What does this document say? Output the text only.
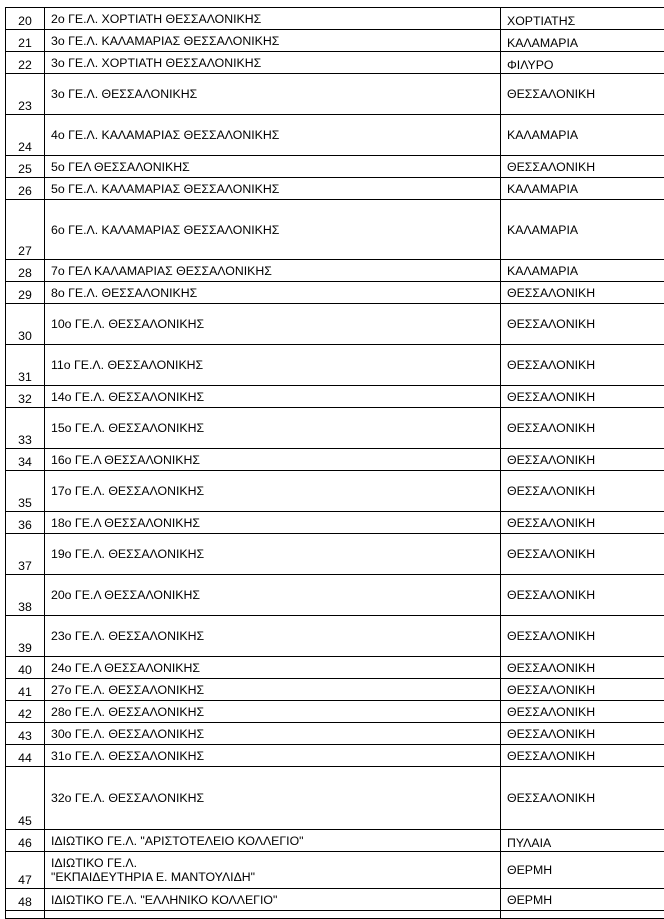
20	2ο ΓΕ.Λ. ΧΟΡΤΙΑΤΗ ΘΕΣΣΑΛΟΝΙΚΗΣ	ΧΟΡΤΙΑΤΗΣ
21	3ο ΓΕ.Λ. ΚΑΛΑΜΑΡΙΑΣ ΘΕΣΣΑΛΟΝΙΚΗΣ	ΚΑΛΑΜΑΡΙΑ
22	3ο ΓΕ.Λ. ΧΟΡΤΙΑΤΗ ΘΕΣΣΑΛΟΝΙΚΗΣ	ΦΙΛΥΡΟ
23	3ο ΓΕ.Λ. ΘΕΣΣΑΛΟΝΙΚΗΣ	ΘΕΣΣΑΛΟΝΙΚΗ
24	4ο ΓΕ.Λ. ΚΑΛΑΜΑΡΙΑΣ ΘΕΣΣΑΛΟΝΙΚΗΣ	ΚΑΛΑΜΑΡΙΑ
25	5ο ΓΕΛ ΘΕΣΣΑΛΟΝΙΚΗΣ	ΘΕΣΣΑΛΟΝΙΚΗ
26	5ο ΓΕ.Λ. ΚΑΛΑΜΑΡΙΑΣ ΘΕΣΣΑΛΟΝΙΚΗΣ	ΚΑΛΑΜΑΡΙΑ
27	6ο ΓΕ.Λ. ΚΑΛΑΜΑΡΙΑΣ ΘΕΣΣΑΛΟΝΙΚΗΣ	ΚΑΛΑΜΑΡΙΑ
28	7ο ΓΕΛ ΚΑΛΑΜΑΡΙΑΣ ΘΕΣΣΑΛΟΝΙΚΗΣ	ΚΑΛΑΜΑΡΙΑ
29	8ο ΓΕ.Λ. ΘΕΣΣΑΛΟΝΙΚΗΣ	ΘΕΣΣΑΛΟΝΙΚΗ
30	10ο ΓΕ.Λ. ΘΕΣΣΑΛΟΝΙΚΗΣ	ΘΕΣΣΑΛΟΝΙΚΗ
31	11ο ΓΕ.Λ. ΘΕΣΣΑΛΟΝΙΚΗΣ	ΘΕΣΣΑΛΟΝΙΚΗ
32	14ο ΓΕ.Λ. ΘΕΣΣΑΛΟΝΙΚΗΣ	ΘΕΣΣΑΛΟΝΙΚΗ
33	15ο ΓΕ.Λ. ΘΕΣΣΑΛΟΝΙΚΗΣ	ΘΕΣΣΑΛΟΝΙΚΗ
34	16ο ΓΕ.Λ ΘΕΣΣΑΛΟΝΙΚΗΣ	ΘΕΣΣΑΛΟΝΙΚΗ
35	17ο ΓΕ.Λ. ΘΕΣΣΑΛΟΝΙΚΗΣ	ΘΕΣΣΑΛΟΝΙΚΗ
36	18ο ΓΕ.Λ ΘΕΣΣΑΛΟΝΙΚΗΣ	ΘΕΣΣΑΛΟΝΙΚΗ
37	19ο ΓΕ.Λ. ΘΕΣΣΑΛΟΝΙΚΗΣ	ΘΕΣΣΑΛΟΝΙΚΗ
38	20ο ΓΕ.Λ ΘΕΣΣΑΛΟΝΙΚΗΣ	ΘΕΣΣΑΛΟΝΙΚΗ
39	23ο ΓΕ.Λ. ΘΕΣΣΑΛΟΝΙΚΗΣ	ΘΕΣΣΑΛΟΝΙΚΗ
40	24ο ΓΕ.Λ ΘΕΣΣΑΛΟΝΙΚΗΣ	ΘΕΣΣΑΛΟΝΙΚΗ
41	27ο ΓΕ.Λ. ΘΕΣΣΑΛΟΝΙΚΗΣ	ΘΕΣΣΑΛΟΝΙΚΗ
42	28ο ΓΕ.Λ. ΘΕΣΣΑΛΟΝΙΚΗΣ	ΘΕΣΣΑΛΟΝΙΚΗ
43	30ο ΓΕ.Λ. ΘΕΣΣΑΛΟΝΙΚΗΣ	ΘΕΣΣΑΛΟΝΙΚΗ
44	31ο ΓΕ.Λ. ΘΕΣΣΑΛΟΝΙΚΗΣ	ΘΕΣΣΑΛΟΝΙΚΗ
45	32ο ΓΕ.Λ. ΘΕΣΣΑΛΟΝΙΚΗΣ	ΘΕΣΣΑΛΟΝΙΚΗ
46	ΙΔΙΩΤΙΚΟ ΓΕ.Λ. "ΑΡΙΣΤΟΤΕΛΕΙΟ ΚΟΛΛΕΓΙΟ"	ΠΥΛΑΙΑ
47	ΙΔΙΩΤΙΚΟ ΓΕ.Λ.
"ΕΚΠΑΙΔΕΥΤΗΡΙΑ Ε. ΜΑΝΤΟΥΛΙΔΗ"	ΘΕΡΜΗ
48	ΙΔΙΩΤΙΚΟ ΓΕ.Λ. "ΕΛΛΗΝΙΚΟ ΚΟΛΛΕΓΙΟ"	ΘΕΡΜΗ
